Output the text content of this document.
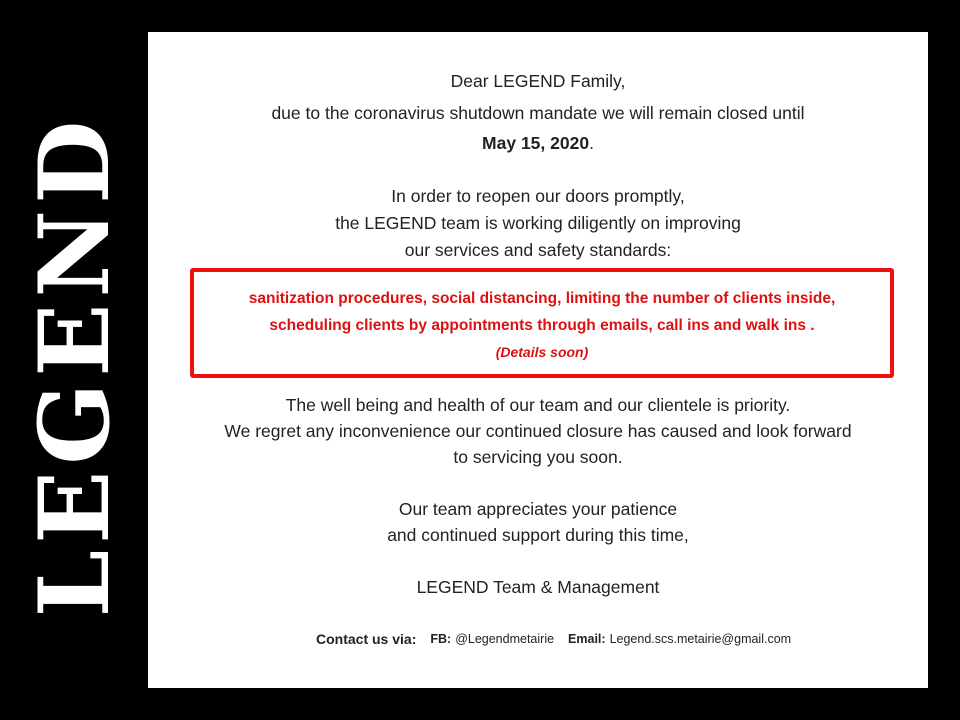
LEGEND
Dear LEGEND Family,
due to the coronavirus shutdown mandate we will remain closed until
May 15, 2020.
In order to reopen our doors promptly,
the LEGEND team is working diligently on improving
our services and safety standards:
sanitization procedures, social distancing, limiting the number of clients inside,
scheduling clients by appointments through emails, call ins and walk ins .
(Details soon)
The well being and health of our team and our clientele is priority.
We regret any inconvenience our continued closure has caused and look forward
to servicing you soon.
Our team appreciates your patience
and continued support during this time,
LEGEND Team & Management
Contact us via: FB: @Legendmetairie Email: Legend.scs.metairie@gmail.com
